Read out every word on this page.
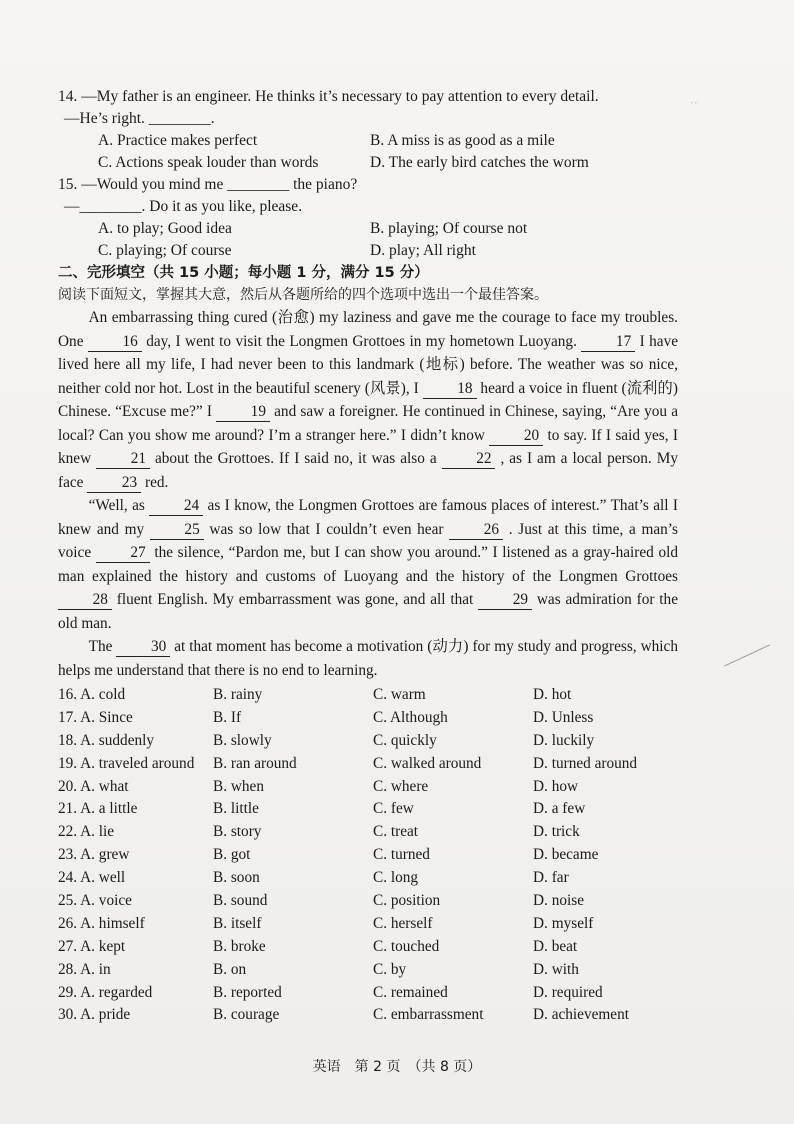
··
14. —My father is an engineer. He thinks it’s necessary to pay attention to every detail.
—He’s right. ________.
A. Practice makes perfect	B. A miss is as good as a mile
C. Actions speak louder than words	D. The early bird catches the worm
15. —Would you mind me ________ the piano?
—________. Do it as you like, please.
A. to play; Good idea	B. playing; Of course not
C. playing; Of course	D. play; All right
二、完形填空（共 15 小题；每小题 1 分，满分 15 分）
阅读下面短文，掌握其大意，然后从各题所给的四个选项中选出一个最佳答案。

An embarrassing thing cured (治愈) my laziness and gave me the courage to face my troubles. One 16 day, I went to visit the Longmen Grottoes in my hometown Luoyang. 17 I have lived here all my life, I had never been to this landmark (地标) before. The weather was so nice, neither cold nor hot. Lost in the beautiful scenery (风景), I 18 heard a voice in fluent (流利的) Chinese. “Excuse me?” I 19 and saw a foreigner. He continued in Chinese, saying, “Are you a local? Can you show me around? I’m a stranger here.” I didn’t know 20 to say. If I said yes, I knew 21 about the Grottoes. If I said no, it was also a 22 , as I am a local person. My face 23 red.

“Well, as 24 as I know, the Longmen Grottoes are famous places of interest.” That’s all I knew and my 25 was so low that I couldn’t even hear 26 . Just at this time, a man’s voice 27 the silence, “Pardon me, but I can show you around.” I listened as a gray-haired old man explained the history and customs of Luoyang and the history of the Longmen Grottoes 28 fluent English. My embarrassment was gone, and all that 29 was admiration for the old man.

The 30 at that moment has become a motivation (动力) for my study and progress, which helps me understand that there is no end to learning.

16. A. cold	B. rainy	C. warm	D. hot
17. A. Since	B. If	C. Although	D. Unless
18. A. suddenly	B. slowly	C. quickly	D. luckily
19. A. traveled around	B. ran around	C. walked around	D. turned around
20. A. what	B. when	C. where	D. how
21. A. a little	B. little	C. few	D. a few
22. A. lie	B. story	C. treat	D. trick
23. A. grew	B. got	C. turned	D. became
24. A. well	B. soon	C. long	D. far
25. A. voice	B. sound	C. position	D. noise
26. A. himself	B. itself	C. herself	D. myself
27. A. kept	B. broke	C. touched	D. beat
28. A. in	B. on	C. by	D. with
29. A. regarded	B. reported	C. remained	D. required
30. A. pride	B. courage	C. embarrassment	D. achievement
英语　第 2 页　（共 8 页）
